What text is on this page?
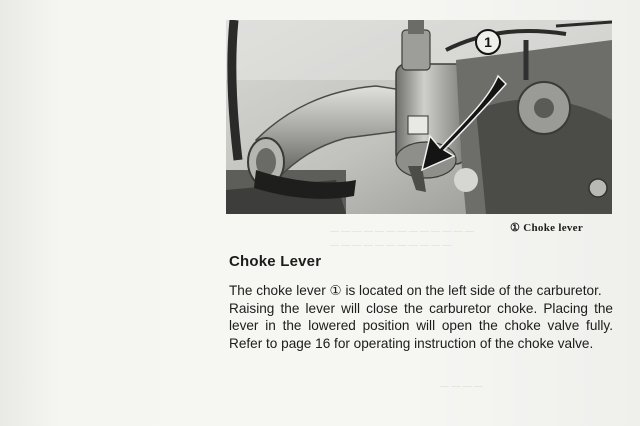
— — — — — — — — — — — — —
— — — — — — — — — — —
— — — —
1
① Choke lever
Choke Lever

The choke lever ① is located on the left side of the carburetor.

Raising the lever will close the carburetor choke. Placing the lever in the lowered position will open the choke valve fully. Refer to page 16 for operating instruction of the choke valve.
